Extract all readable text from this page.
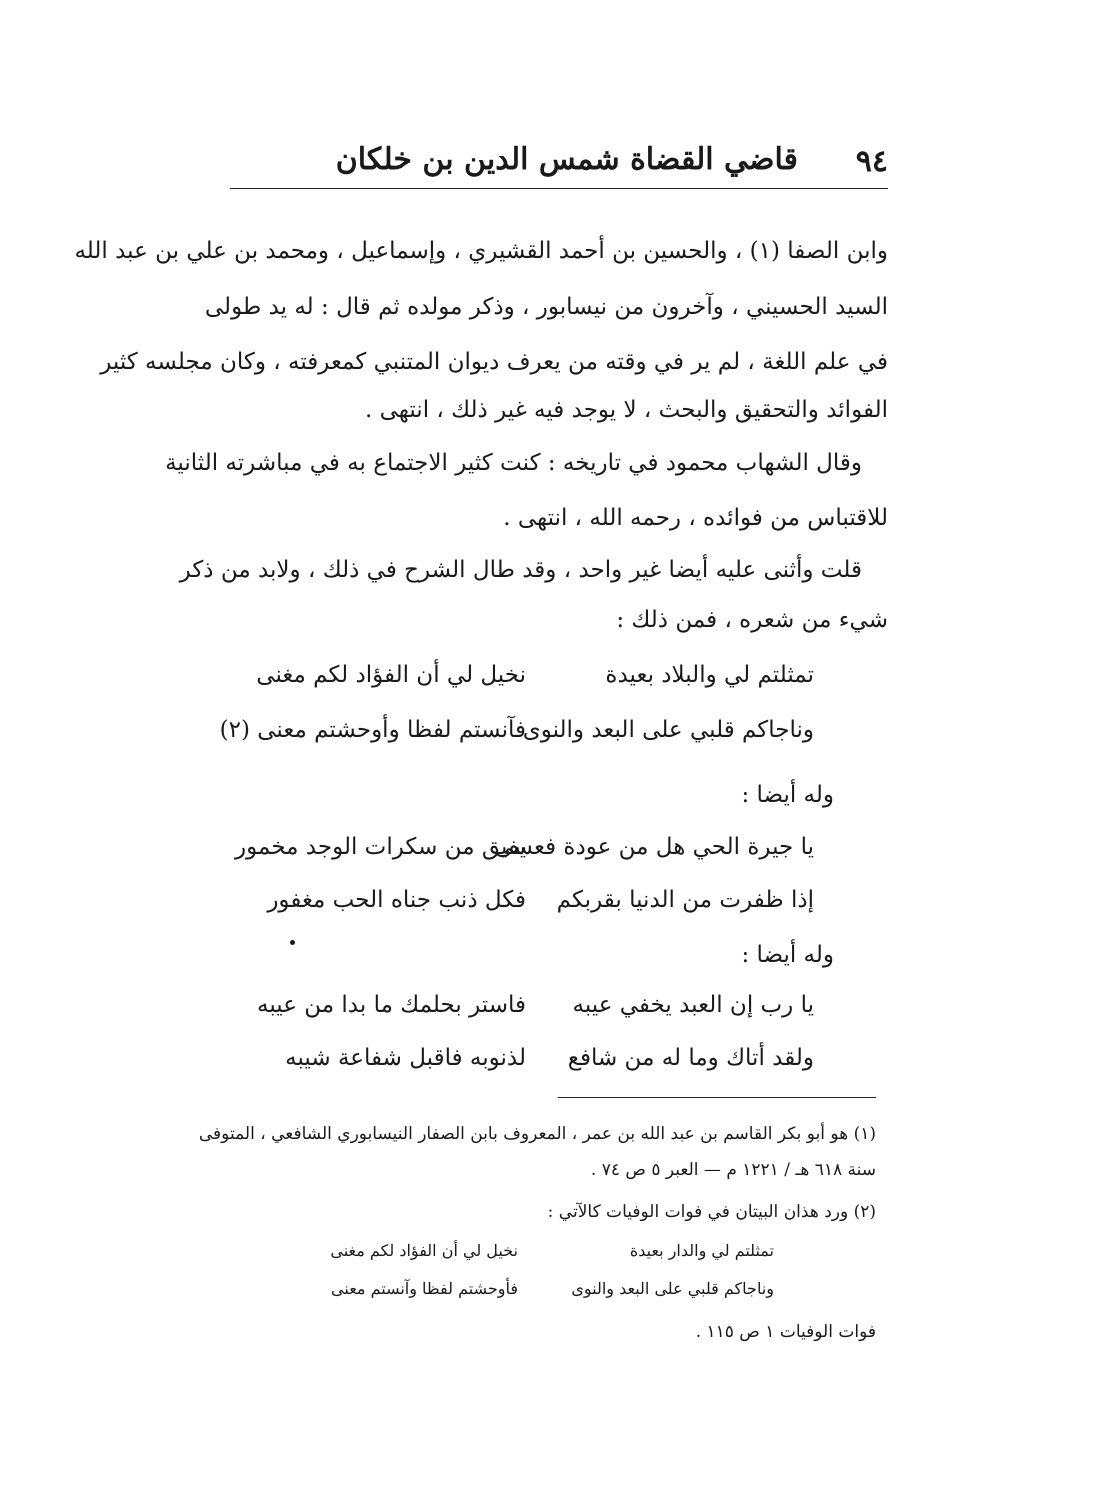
٩٤
قاضي القضاة شمس الدين بن خلكان
وابن الصفا (١) ، والحسين بن أحمد القشيري ، وإسماعيل ، ومحمد بن علي بن عبد الله
السيد الحسيني ، وآخرون من نيسابور ، وذكر مولده ثم قال : له يد طولى
في علم اللغة ، لم ير في وقته من يعرف ديوان المتنبي كمعرفته ، وكان مجلسه كثير
الفوائد والتحقيق والبحث ، لا يوجد فيه غير ذلك ، انتهى .
وقال الشهاب محمود في تاريخه : كنت كثير الاجتماع به في مباشرته الثانية
للاقتباس من فوائده ، رحمه الله ، انتهى .
قلت وأثنى عليه أيضا غير واحد ، وقد طال الشرح في ذلك ، ولابد من ذكر
شيء من شعره ، فمن ذلك :
تمثلتم لي والبلاد بعيدة
نخيل لي أن الفؤاد لكم مغنى
وناجاكم قلبي على البعد والنوى
فآنستم لفظا وأوحشتم معنى (٢)
وله أيضا :
يا جيرة الحي هل من عودة فعسى
يفيق من سكرات الوجد مخمور
إذا ظفرت من الدنيا بقربكم
فكل ذنب جناه الحب مغفور
وله أيضا :
يا رب إن العبد يخفي عيبه
فاستر بحلمك ما بدا من عيبه
ولقد أتاك وما له من شافع
لذنوبه فاقبل شفاعة شيبه
(١) هو أبو بكر القاسم بن عبد الله بن عمر ، المعروف بابن الصفار النيسابوري الشافعي ، المتوفى
سنة ٦١٨ هـ / ١٢٢١ م — العبر ٥ ص ٧٤ .
(٢) ورد هذان البيتان في فوات الوفيات كالآتي :
تمثلتم لي والدار بعيدة
نخيل لي أن الفؤاد لكم مغنى
وناجاكم قلبي على البعد والنوى
فأوحشتم لفظا وآنستم معنى
فوات الوفيات ١ ص ١١٥ .
